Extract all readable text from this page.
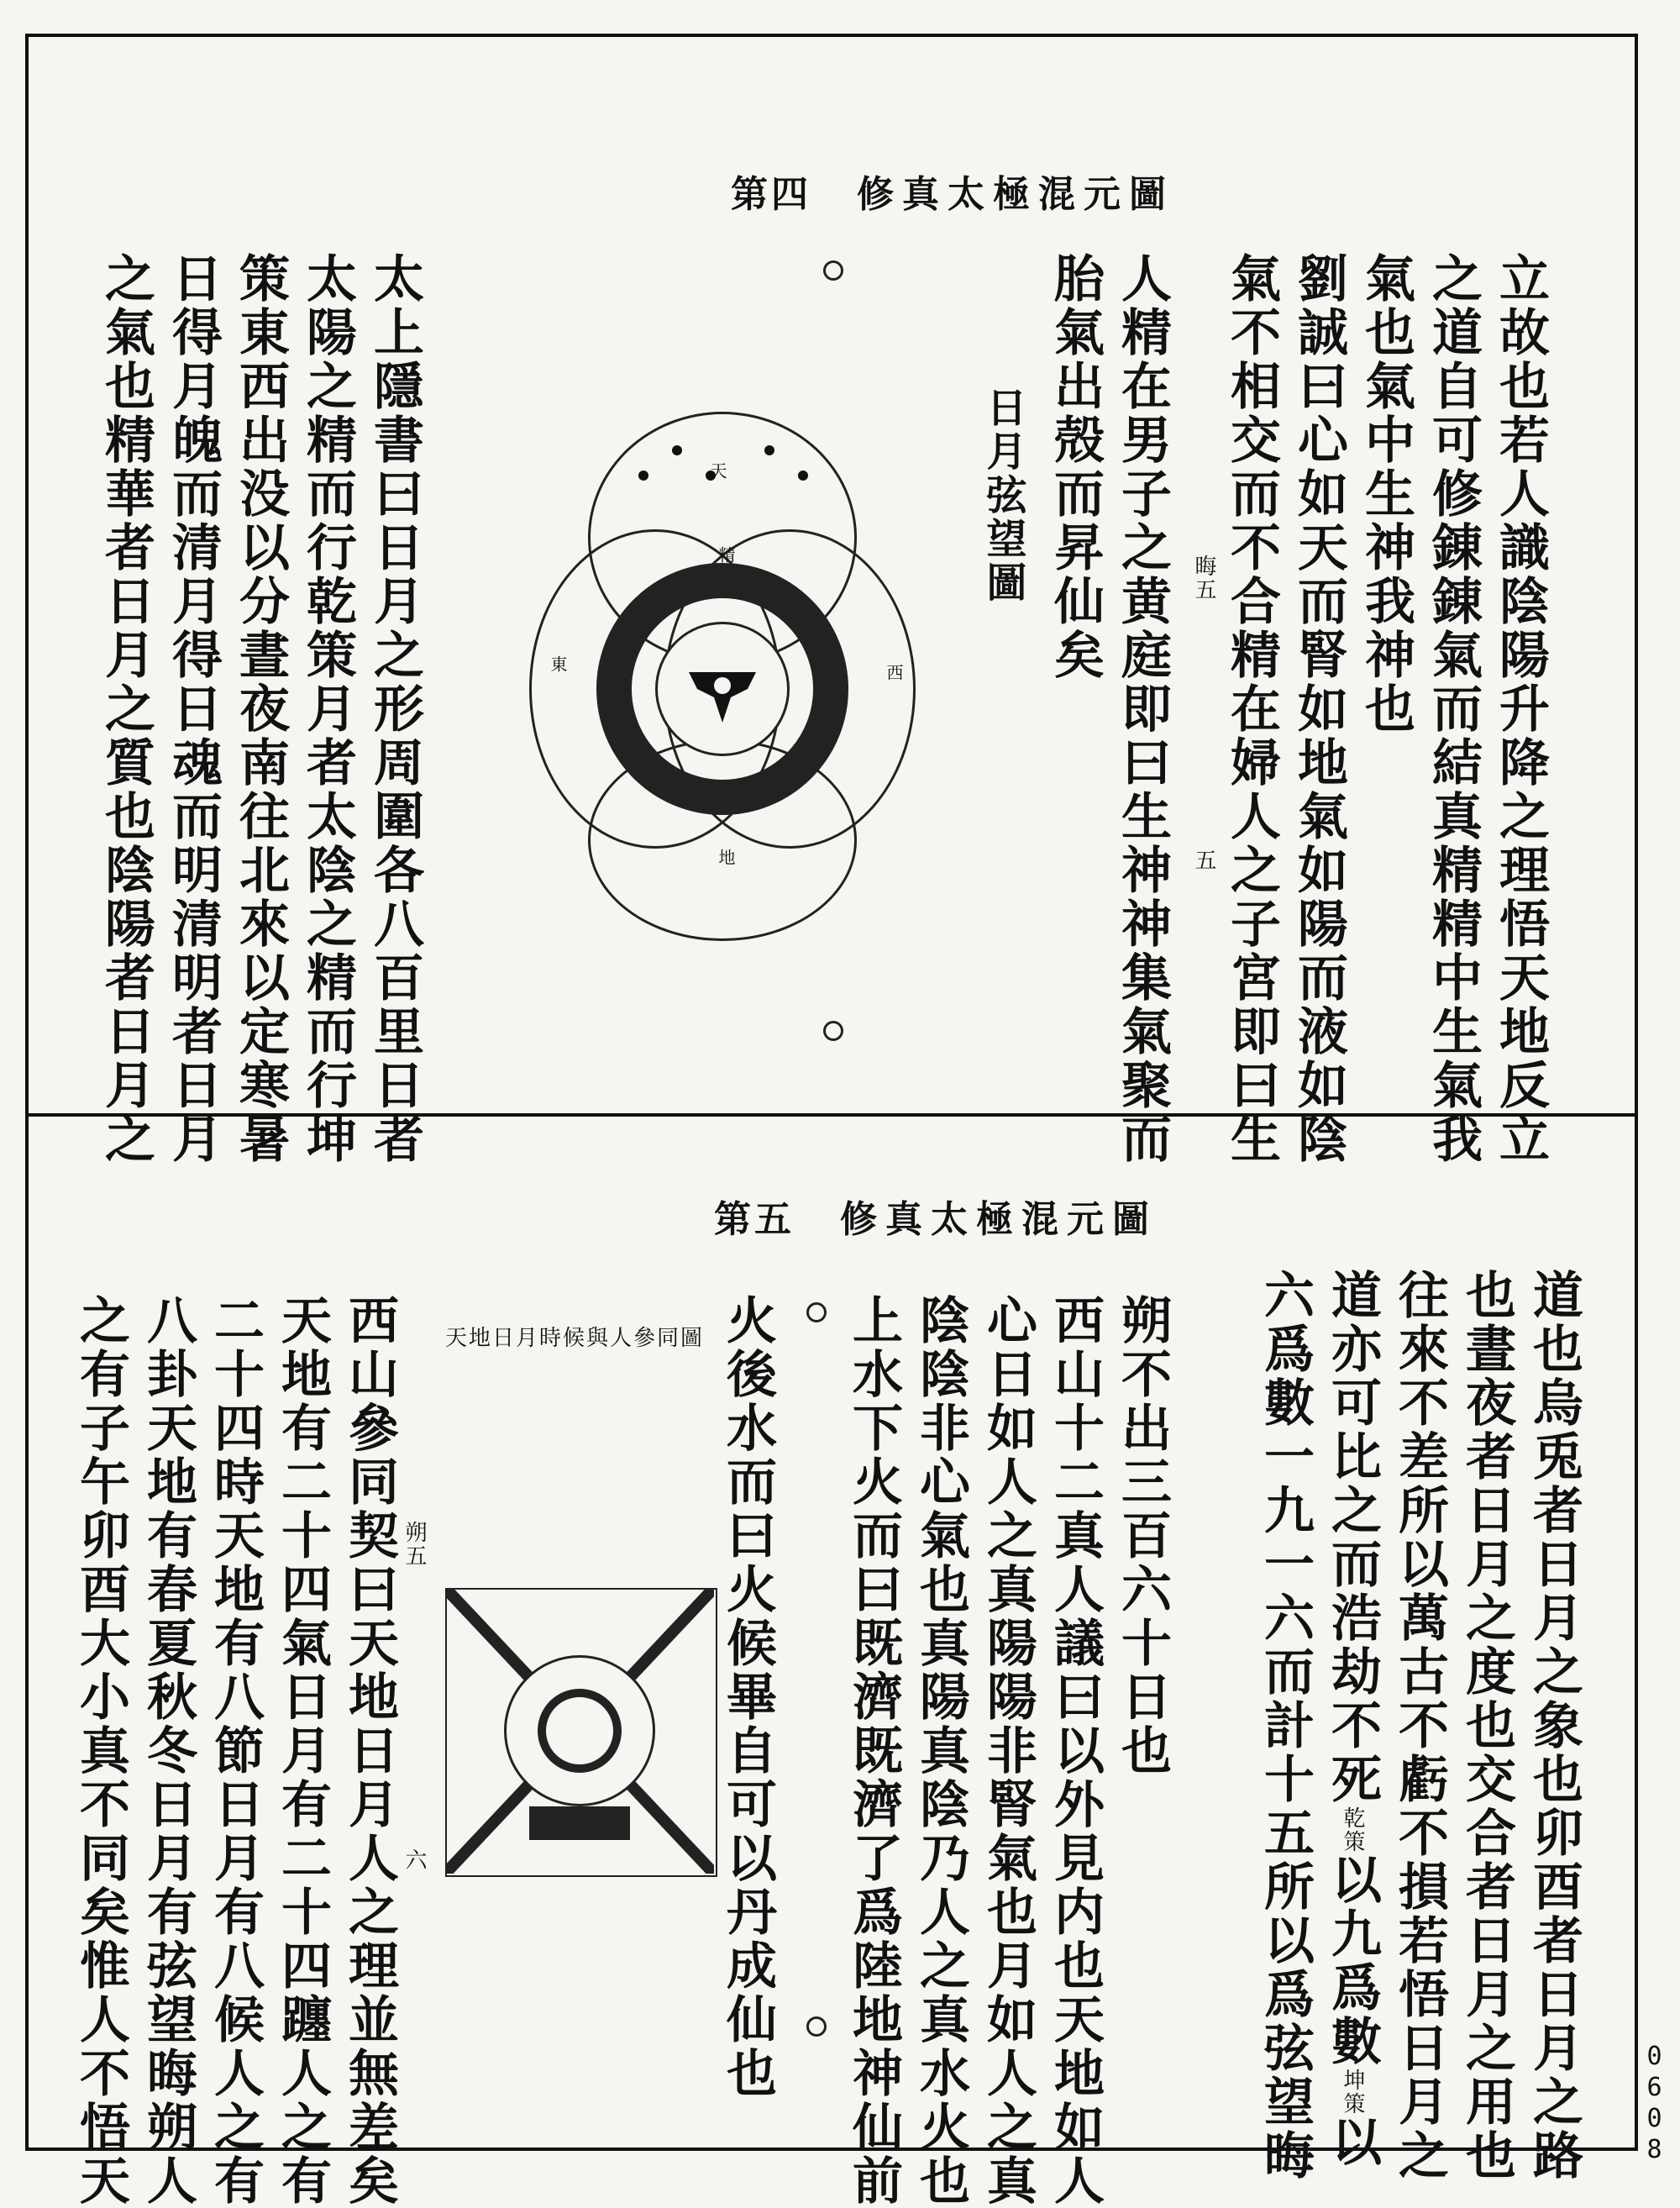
修真太極混元圖
第四
立故也若人識陰陽升降之理悟天地反立
之道自可修錬錬氣而結真精精中生氣我
氣也氣中生神我神也
劉誠曰心如天而腎如地氣如陽而液如陰
氣不相交而不合精在婦人之子宮即曰生
人精在男子之黄庭即曰生神神集氣聚而
胎氣出殻而昇仙矣
日月弦望圖	晦五
五
天
精
東	西
地
太上隱書曰日月之形周圍各八百里日者
太陽之精而行乾策月者太陰之精而行坤
策東西出没以分晝夜南往北來以定寒暑
日得月魄而清月得日魂而明清明者日月
之氣也精華者日月之質也陰陽者日月之
修真太極混元圖
第五
道也烏兎者日月之象也卯酉者日月之路
也晝夜者日月之度也交合者日月之用也
往來不差所以萬古不虧不損若悟日月之
道亦可比之而浩劫不死乾策以九爲數坤策以
六爲數一九一六而計十五所以爲弦望晦
朔不出三百六十日也
西山十二真人議曰以外見内也天地如人
心日如人之真陽陽非腎氣也月如人之真
陰陰非心氣也真陽真陰乃人之真水火也
上水下火而曰既濟既濟了爲陸地神仙前
火後水而曰火候畢自可以丹成仙也
天地日月時候與人參同圖
朔五
六
西山參同契曰天地日月人之理並無差矣
天地有二十四氣日月有二十四躔人之有
二十四時天地有八節日月有八候人之有
八卦天地有春夏秋冬日月有弦望晦朔人
之有子午卯酉大小真不同矣惟人不悟天	0608
